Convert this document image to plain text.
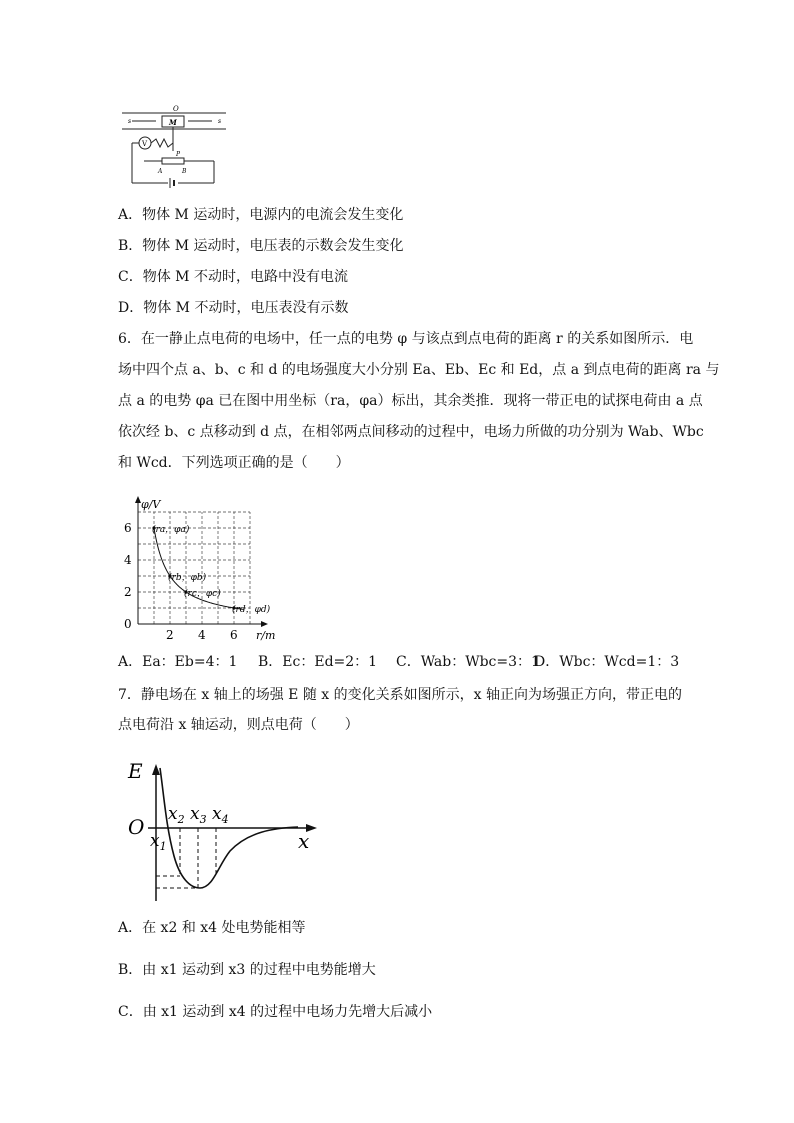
O
M
s	s
V
P
A	B
A．物体 M 运动时，电源内的电流会发生变化
B．物体 M 运动时，电压表的示数会发生变化
C．物体 M 不动时，电路中没有电流
D．物体 M 不动时，电压表没有示数
6．在一静止点电荷的电场中，任一点的电势 φ 与该点到点电荷的距离 r 的关系如图所示．电
场中四个点 a、b、c 和 d 的电场强度大小分别 Ea、Eb、Ec 和 Ed，点 a 到点电荷的距离 ra 与
点 a 的电势 φa 已在图中用坐标（ra，φa）标出，其余类推．现将一带正电的试探电荷由 a 点
依次经 b、c 点移动到 d 点，在相邻两点间移动的过程中，电场力所做的功分别为 Wab、Wbc
和 Wcd．下列选项正确的是（　　）
2 4 6
0
2
4
6
r/m
φ/V
(ra，φa)
(rb，φb)
(rc，φc)
(rd，φd)
A．Ea：Eb=4：1 B．Ec：Ed=2：1 C．Wab：Wbc=3：1
D．Wbc：Wcd=1：3
7．静电场在 x 轴上的场强 E 随 x 的变化关系如图所示，x 轴正向为场强正方向，带正电的
点电荷沿 x 轴运动，则点电荷（　　）
E
O
x
$x_1$
$x_2$ $x_3$ $x_4$
A．在 x2 和 x4 处电势能相等
B．由 x1 运动到 x3 的过程中电势能增大
C．由 x1 运动到 x4 的过程中电场力先增大后减小
